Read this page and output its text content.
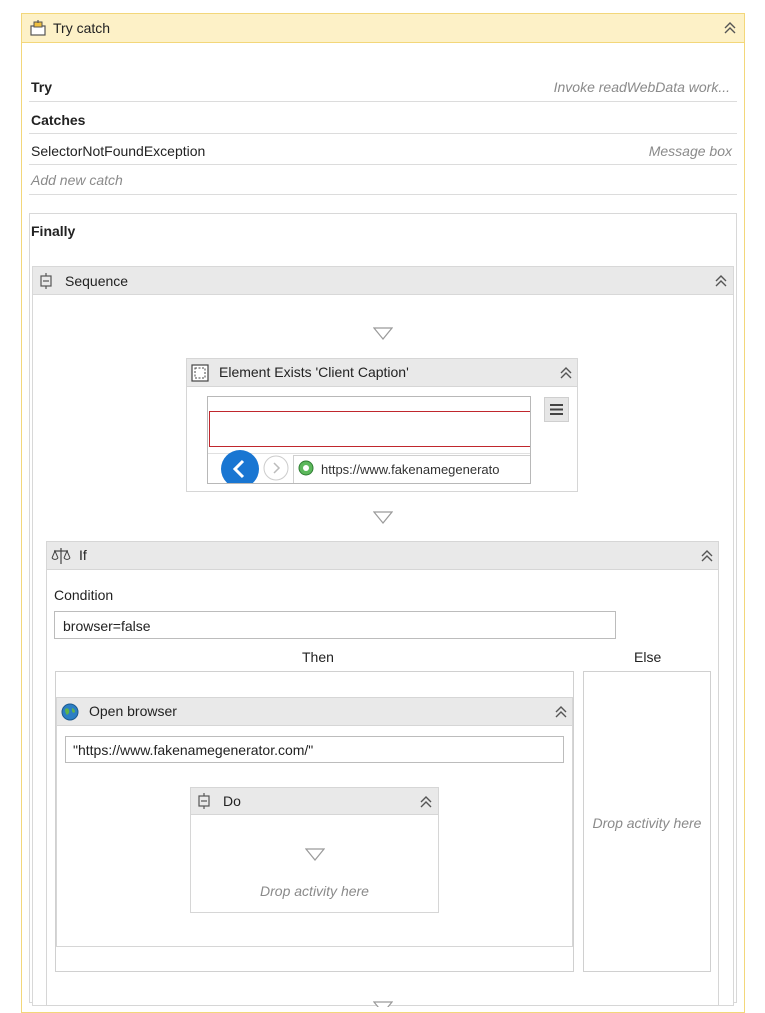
Try catch
Try	Invoke readWebData work...
Catches
SelectorNotFoundException	Message box
Add new catch
Finally
Sequence
Element Exists 'Client Caption'
https://www.fakenamegenerato
If
Condition
browser=false
Then	Else
Drop activity here
Open browser
"https://www.fakenamegenerator.com/"
Do
Drop activity here
